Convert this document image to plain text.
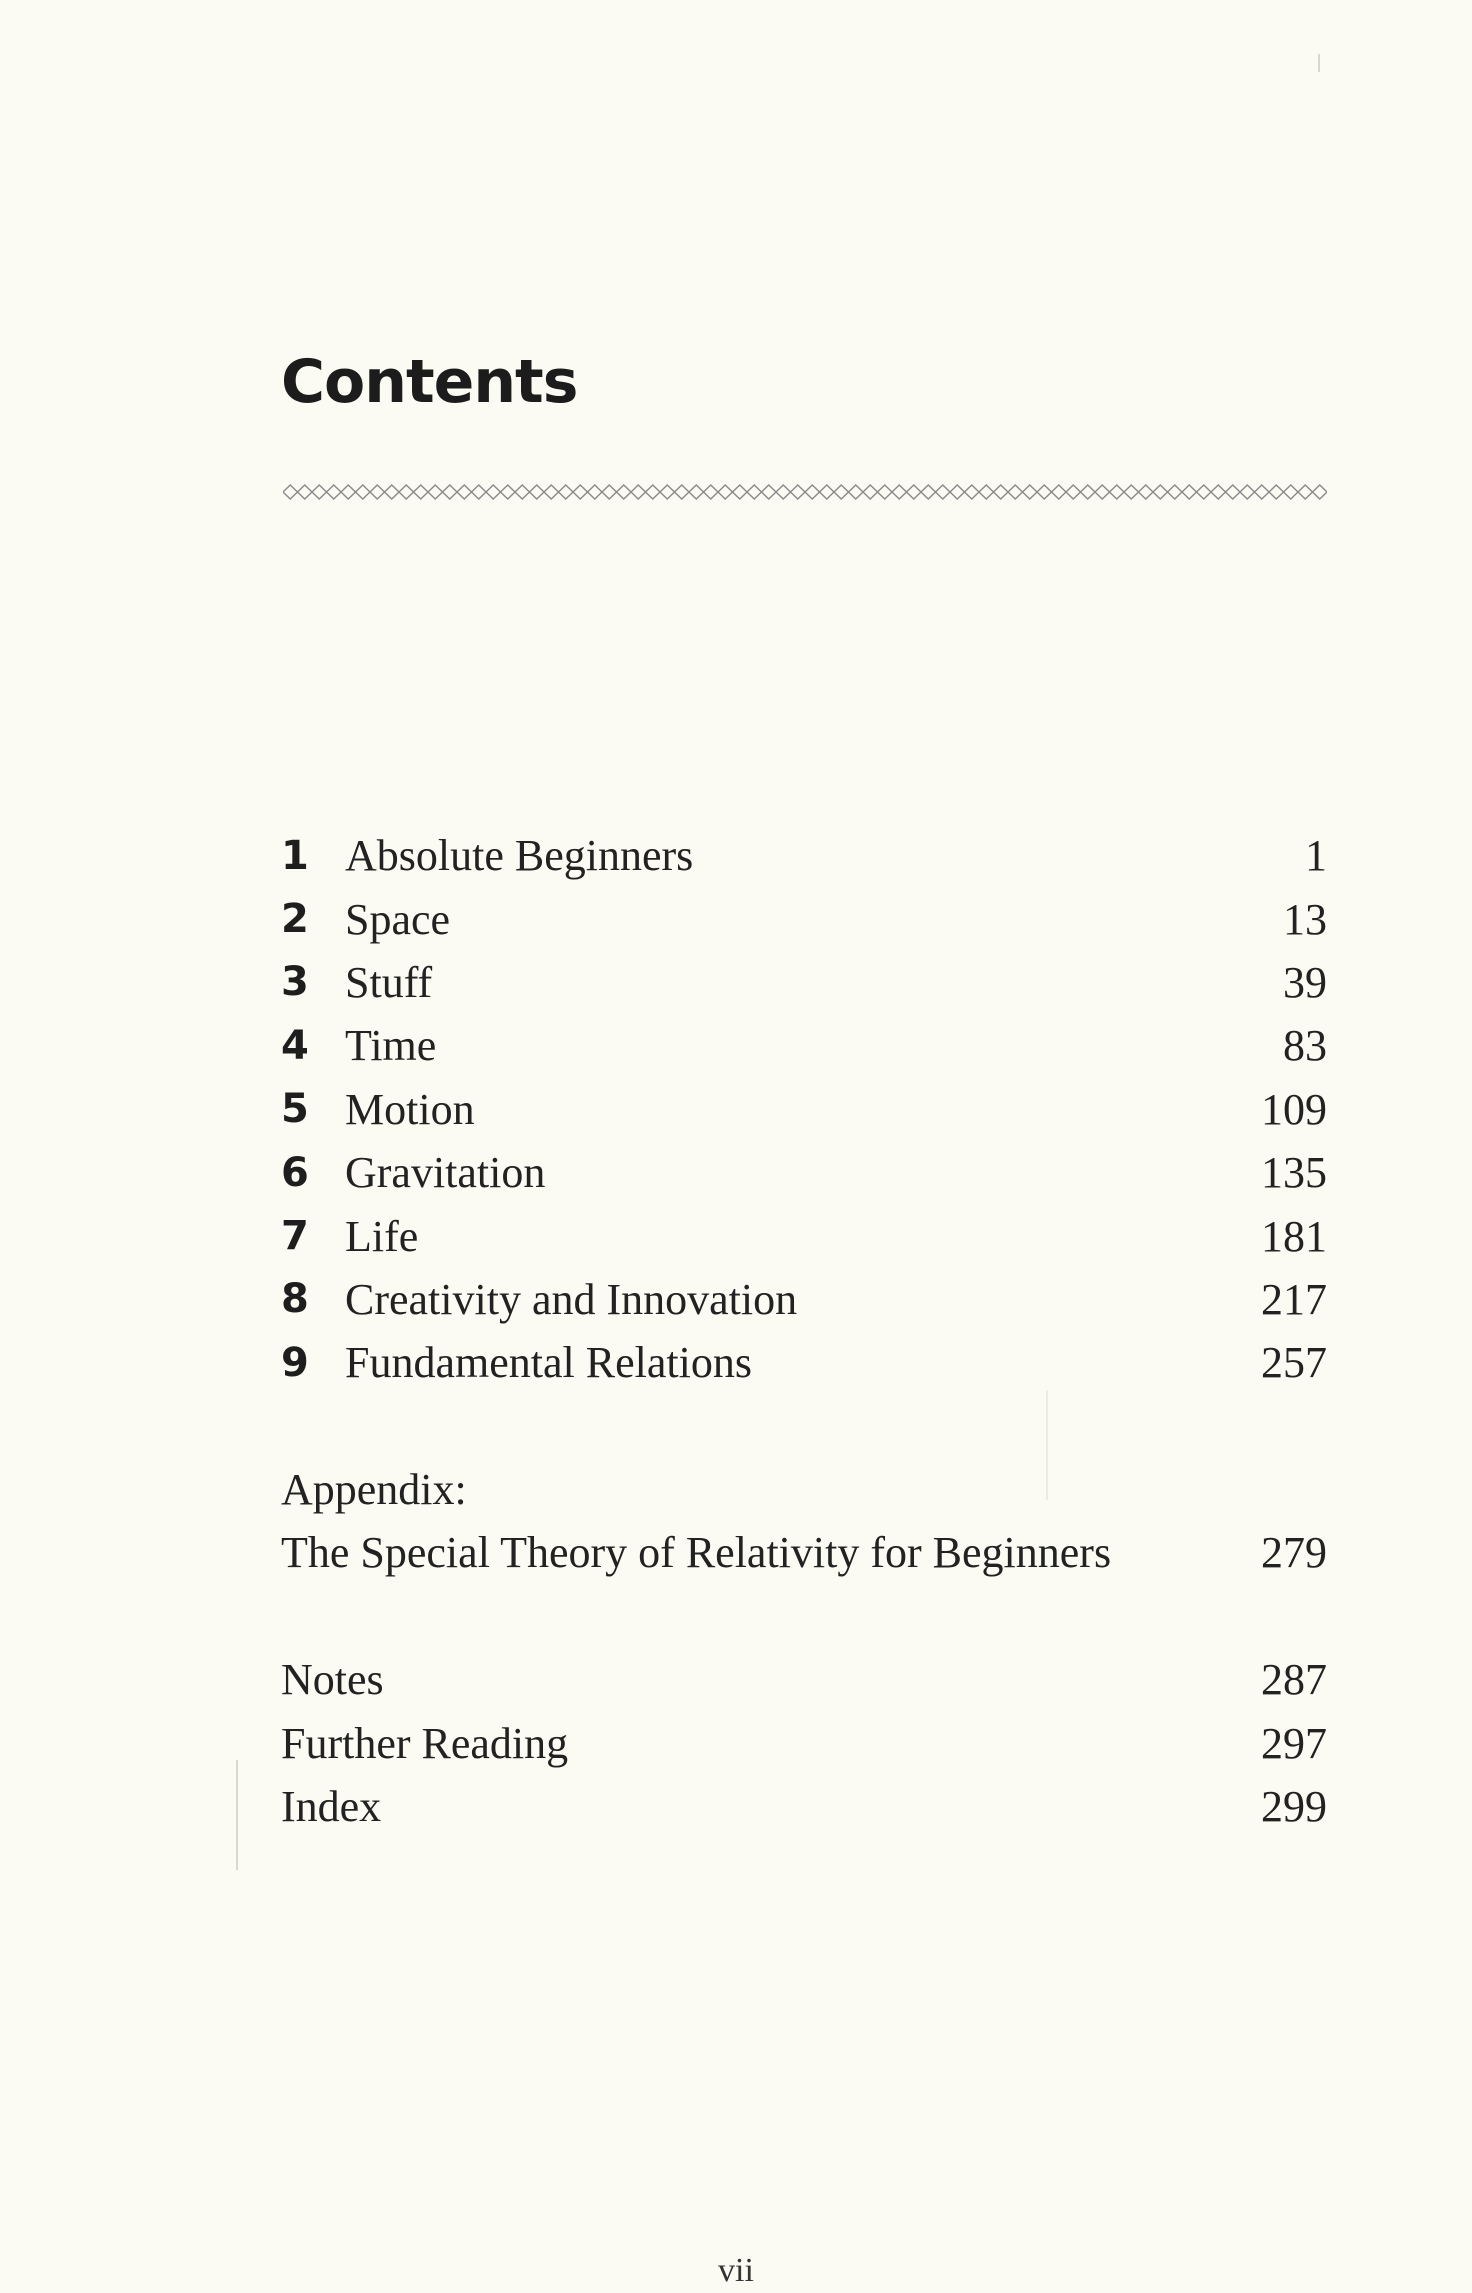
Contents
1 Absolute Beginners	1
2 Space	13
3 Stuff	39
4 Time	83
5 Motion	109
6 Gravitation	135
7 Life	181
8 Creativity and Innovation	217
9 Fundamental Relations	257
Appendix:
The Special Theory of Relativity for Beginners	279
Notes	287
Further Reading	297
Index	299
vii
